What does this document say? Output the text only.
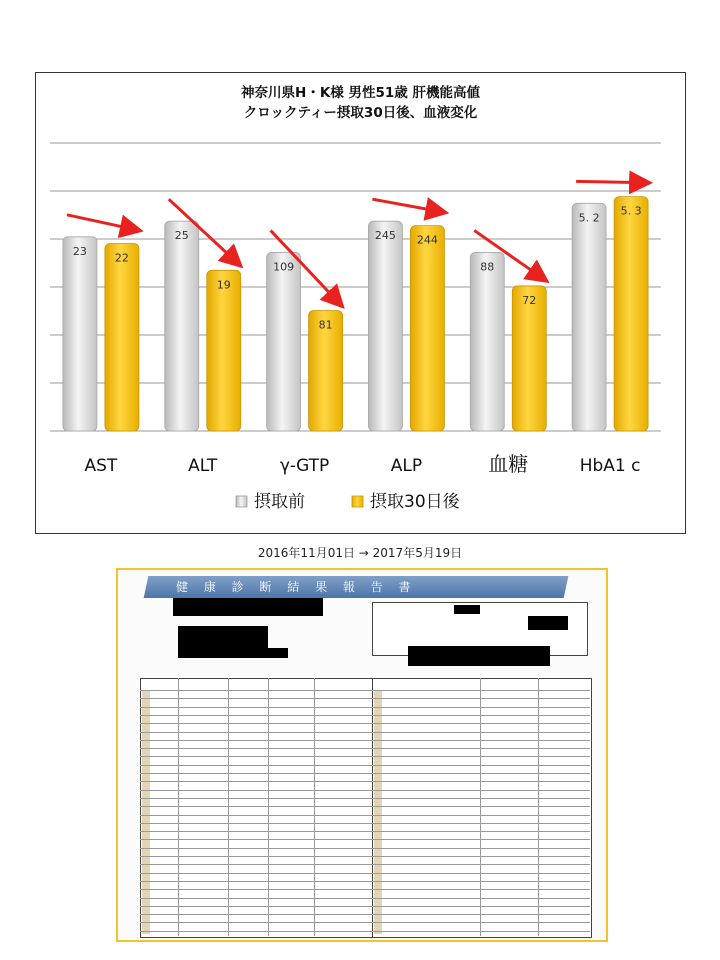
神奈川県H・K様 男性51歳 肝機能高値
クロックティー摂取30日後、血液変化
23
22
AST
25
19
ALT
109
81
γ-GTP
245 244
ALP
88
72
血糖
5. 2
5. 3
HbA1 c
摂取前	摂取30日後
2016年11月01日 → 2017年5月19日
健 康 診 断 結 果 報 告 書
